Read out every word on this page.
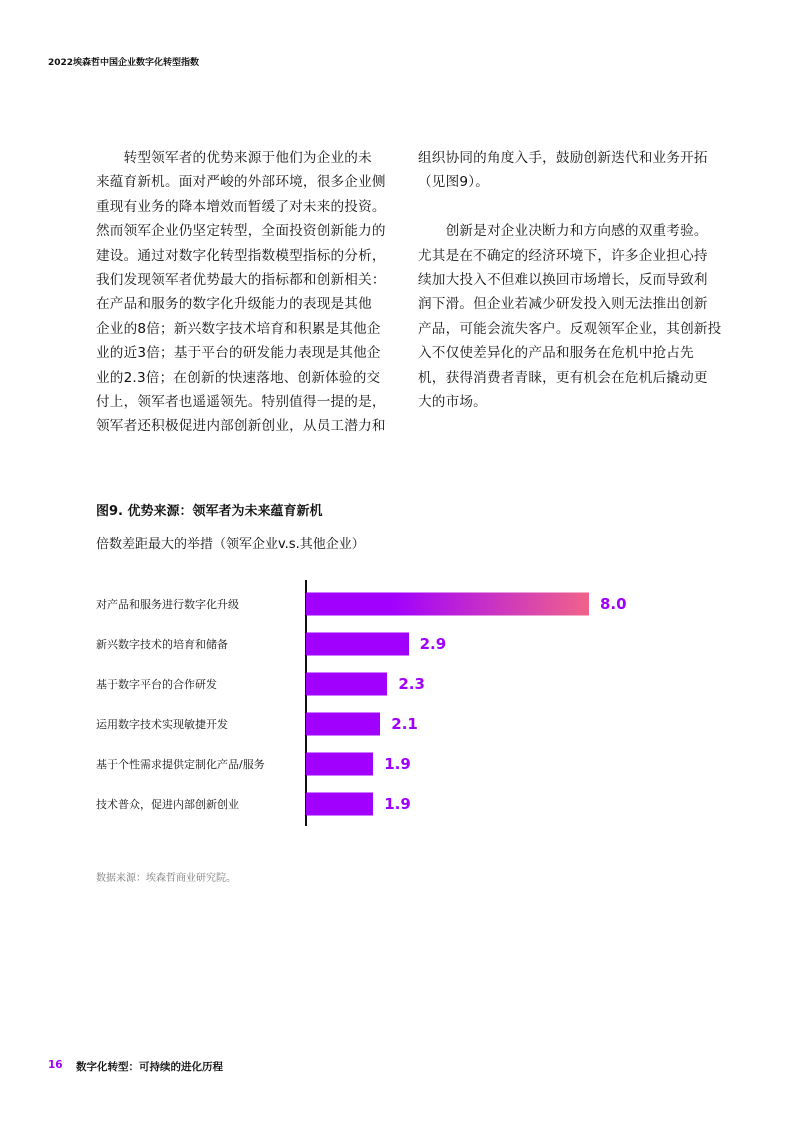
2022埃森哲中国企业数字化转型指数
　　转型领军者的优势来源于他们为企业的未
来蕴育新机。面对严峻的外部环境，很多企业侧
重现有业务的降本增效而暂缓了对未来的投资。
然而领军企业仍坚定转型，全面投资创新能力的
建设。通过对数字化转型指数模型指标的分析，
我们发现领军者优势最大的指标都和创新相关：
在产品和服务的数字化升级能力的表现是其他
企业的8倍；新兴数字技术培育和积累是其他企
业的近3倍；基于平台的研发能力表现是其他企
业的2.3倍；在创新的快速落地、创新体验的交
付上，领军者也遥遥领先。特别值得一提的是，
领军者还积极促进内部创新创业，从员工潜力和
组织协同的角度入手，鼓励创新迭代和业务开拓
（见图9）。

　　创新是对企业决断力和方向感的双重考验。
尤其是在不确定的经济环境下，许多企业担心持
续加大投入不但难以换回市场增长，反而导致利
润下滑。但企业若减少研发投入则无法推出创新
产品，可能会流失客户。反观领军企业，其创新投
入不仅使差异化的产品和服务在危机中抢占先
机，获得消费者青睐，更有机会在危机后撬动更
大的市场。
图9. 优势来源：领军者为未来蕴育新机
倍数差距最大的举措（领军企业v.s.其他企业）
对产品和服务进行数字化升级	8.0
新兴数字技术的培育和储备	2.9
基于数字平台的合作研发	2.3
运用数字技术实现敏捷开发	2.1
基于个性需求提供定制化产品/服务	1.9
技术普众，促进内部创新创业	1.9
数据来源：埃森哲商业研究院。
16 数字化转型：可持续的进化历程
